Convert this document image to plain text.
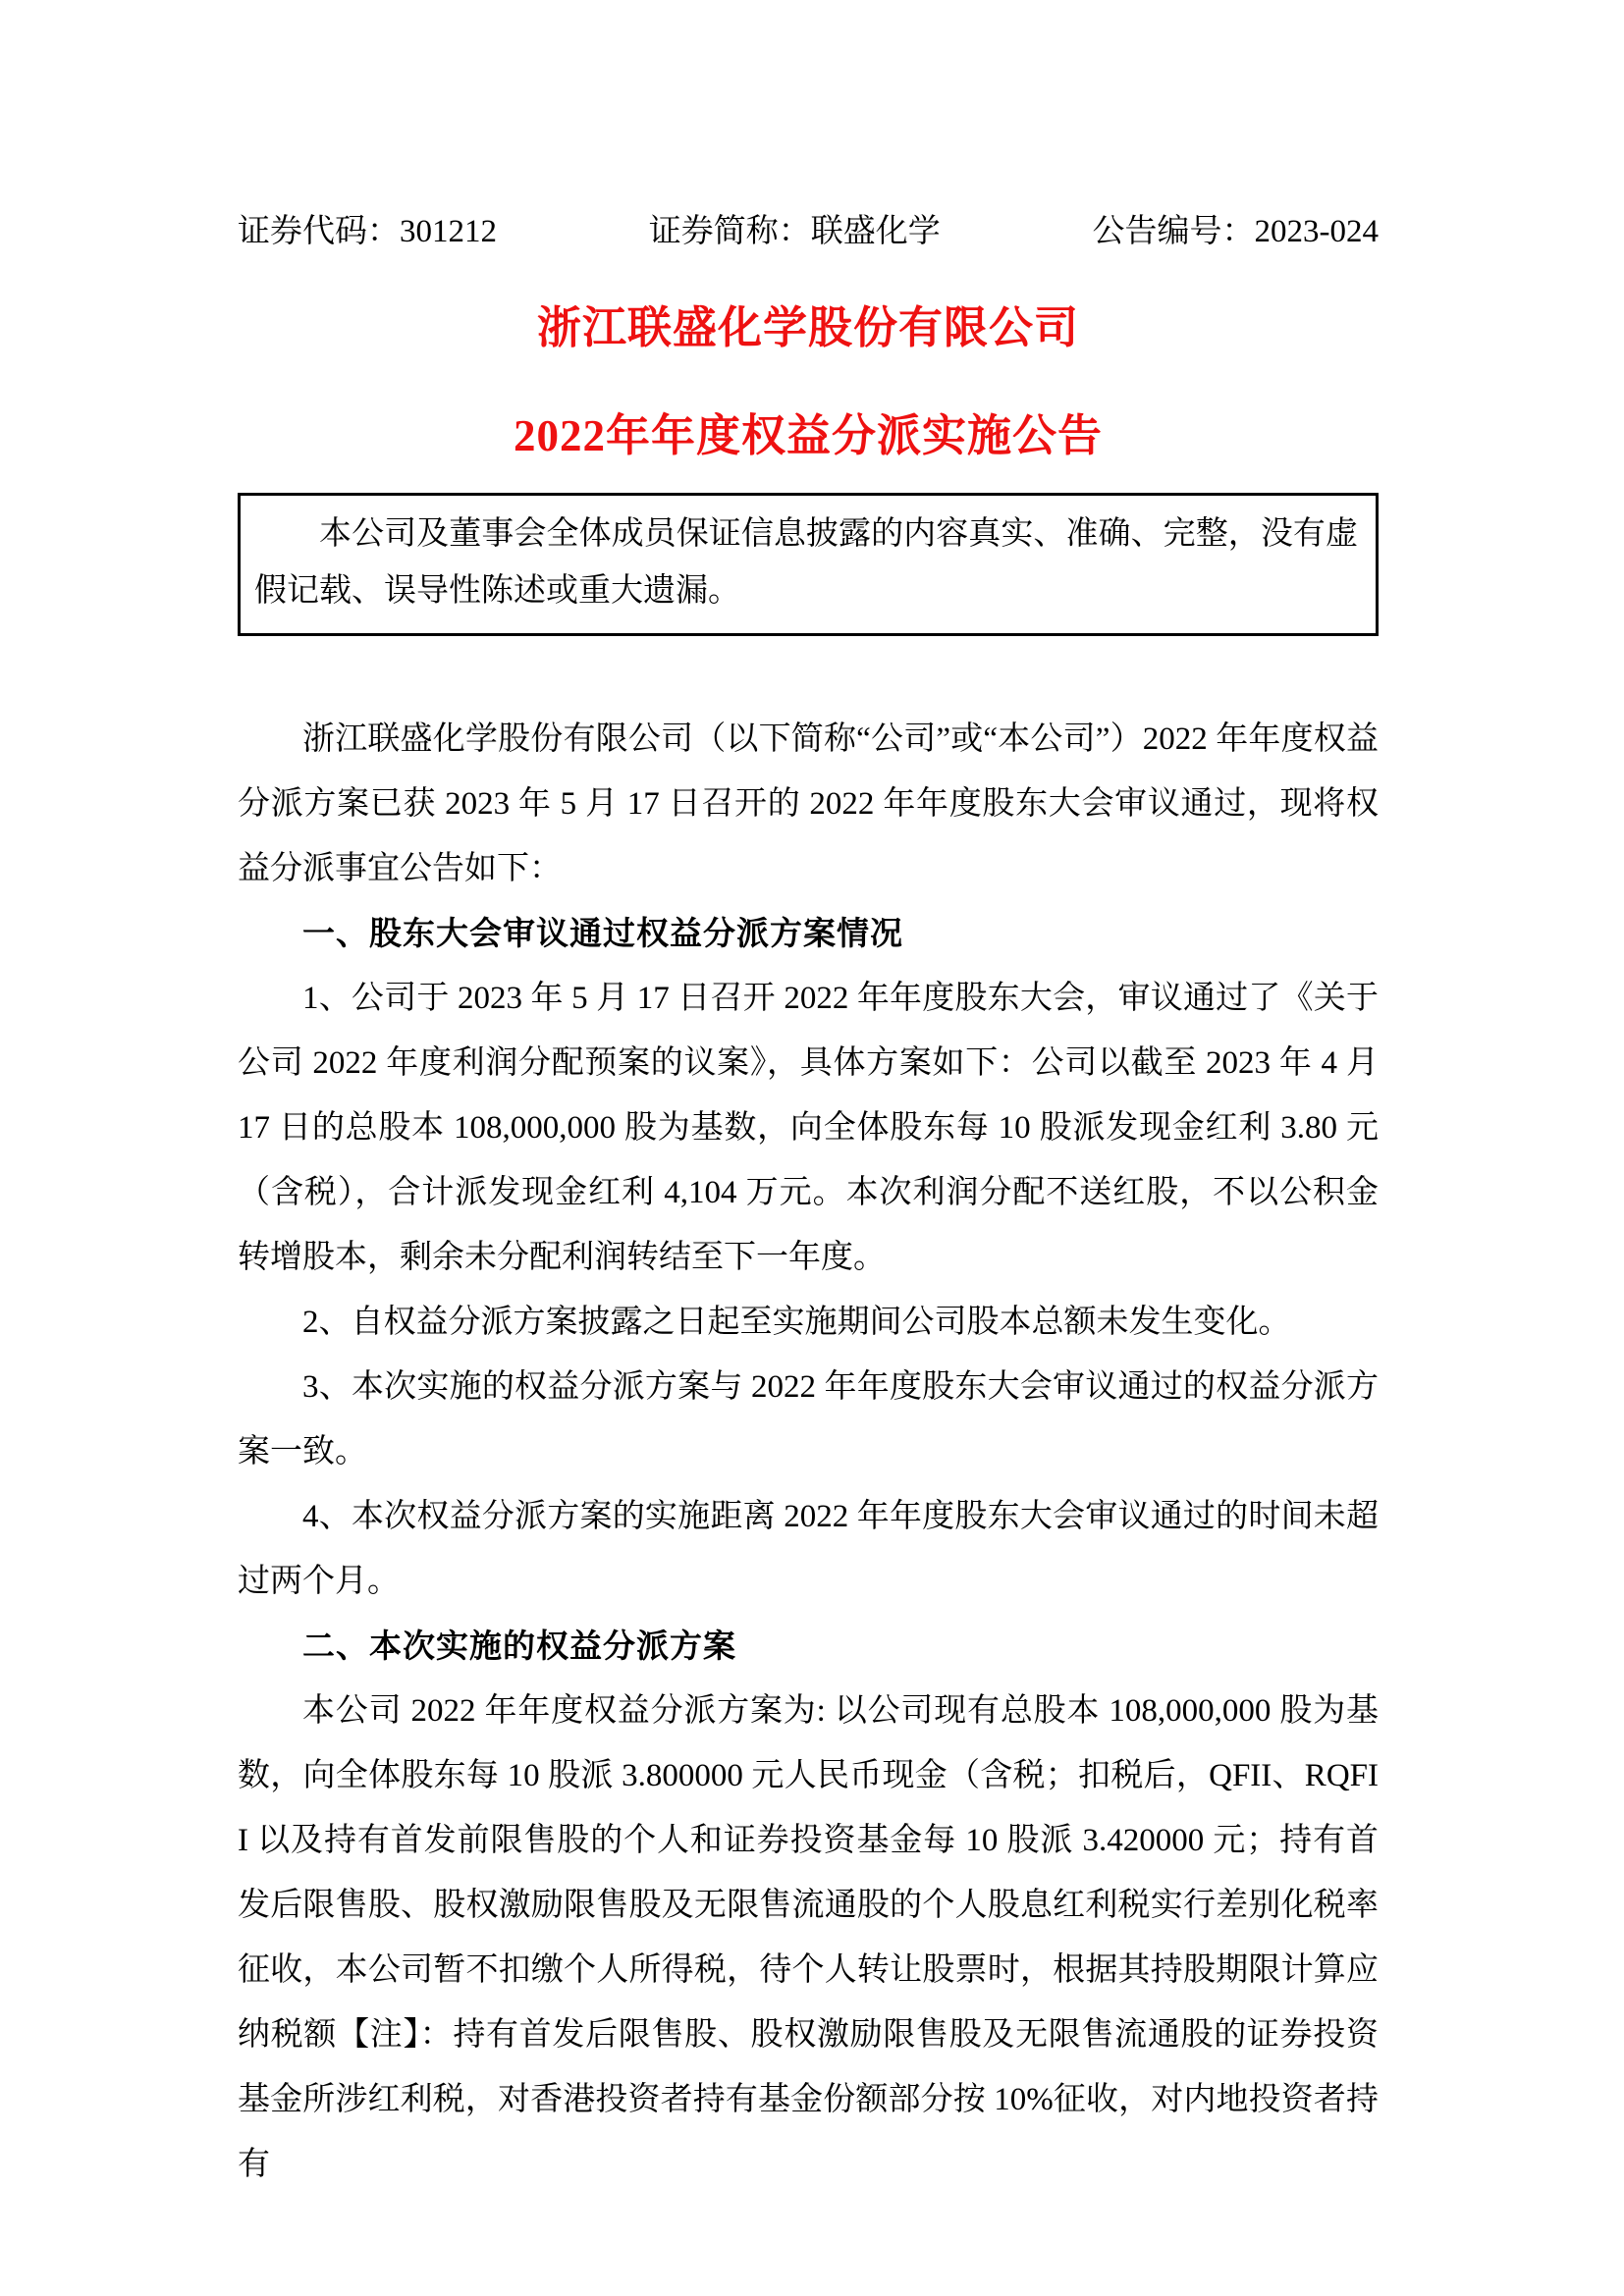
证券代码：301212	证券简称：联盛化学	公告编号：2023-024
浙江联盛化学股份有限公司
2022年年度权益分派实施公告
本公司及董事会全体成员保证信息披露的内容真实、准确、完整，没有虚假记载、误导性陈述或重大遗漏。

浙江联盛化学股份有限公司（以下简称“公司”或“本公司”）2022 年年度权益分派方案已获 2023 年 5 月 17 日召开的 2022 年年度股东大会审议通过，现将权益分派事宜公告如下：

一、股东大会审议通过权益分派方案情况

1、公司于 2023 年 5 月 17 日召开 2022 年年度股东大会，审议通过了《关于公司 2022 年度利润分配预案的议案》，具体方案如下：公司以截至 2023 年 4 月 17 日的总股本 108,000,000 股为基数，向全体股东每 10 股派发现金红利 3.80 元（含税），合计派发现金红利 4,104 万元。本次利润分配不送红股，不以公积金转增股本，剩余未分配利润转结至下一年度。

2、自权益分派方案披露之日起至实施期间公司股本总额未发生变化。

3、本次实施的权益分派方案与 2022 年年度股东大会审议通过的权益分派方案一致。

4、本次权益分派方案的实施距离 2022 年年度股东大会审议通过的时间未超过两个月。

二、本次实施的权益分派方案

本公司 2022 年年度权益分派方案为: 以公司现有总股本 108,000,000 股为基数，向全体股东每 10 股派 3.800000 元人民币现金（含税；扣税后，QFII、RQFII 以及持有首发前限售股的个人和证券投资基金每 10 股派 3.420000 元；持有首发后限售股、股权激励限售股及无限售流通股的个人股息红利税实行差别化税率征收，本公司暂不扣缴个人所得税，待个人转让股票时，根据其持股期限计算应纳税额【注】：持有首发后限售股、股权激励限售股及无限售流通股的证券投资基金所涉红利税，对香港投资者持有基金份额部分按 10%征收，对内地投资者持有
